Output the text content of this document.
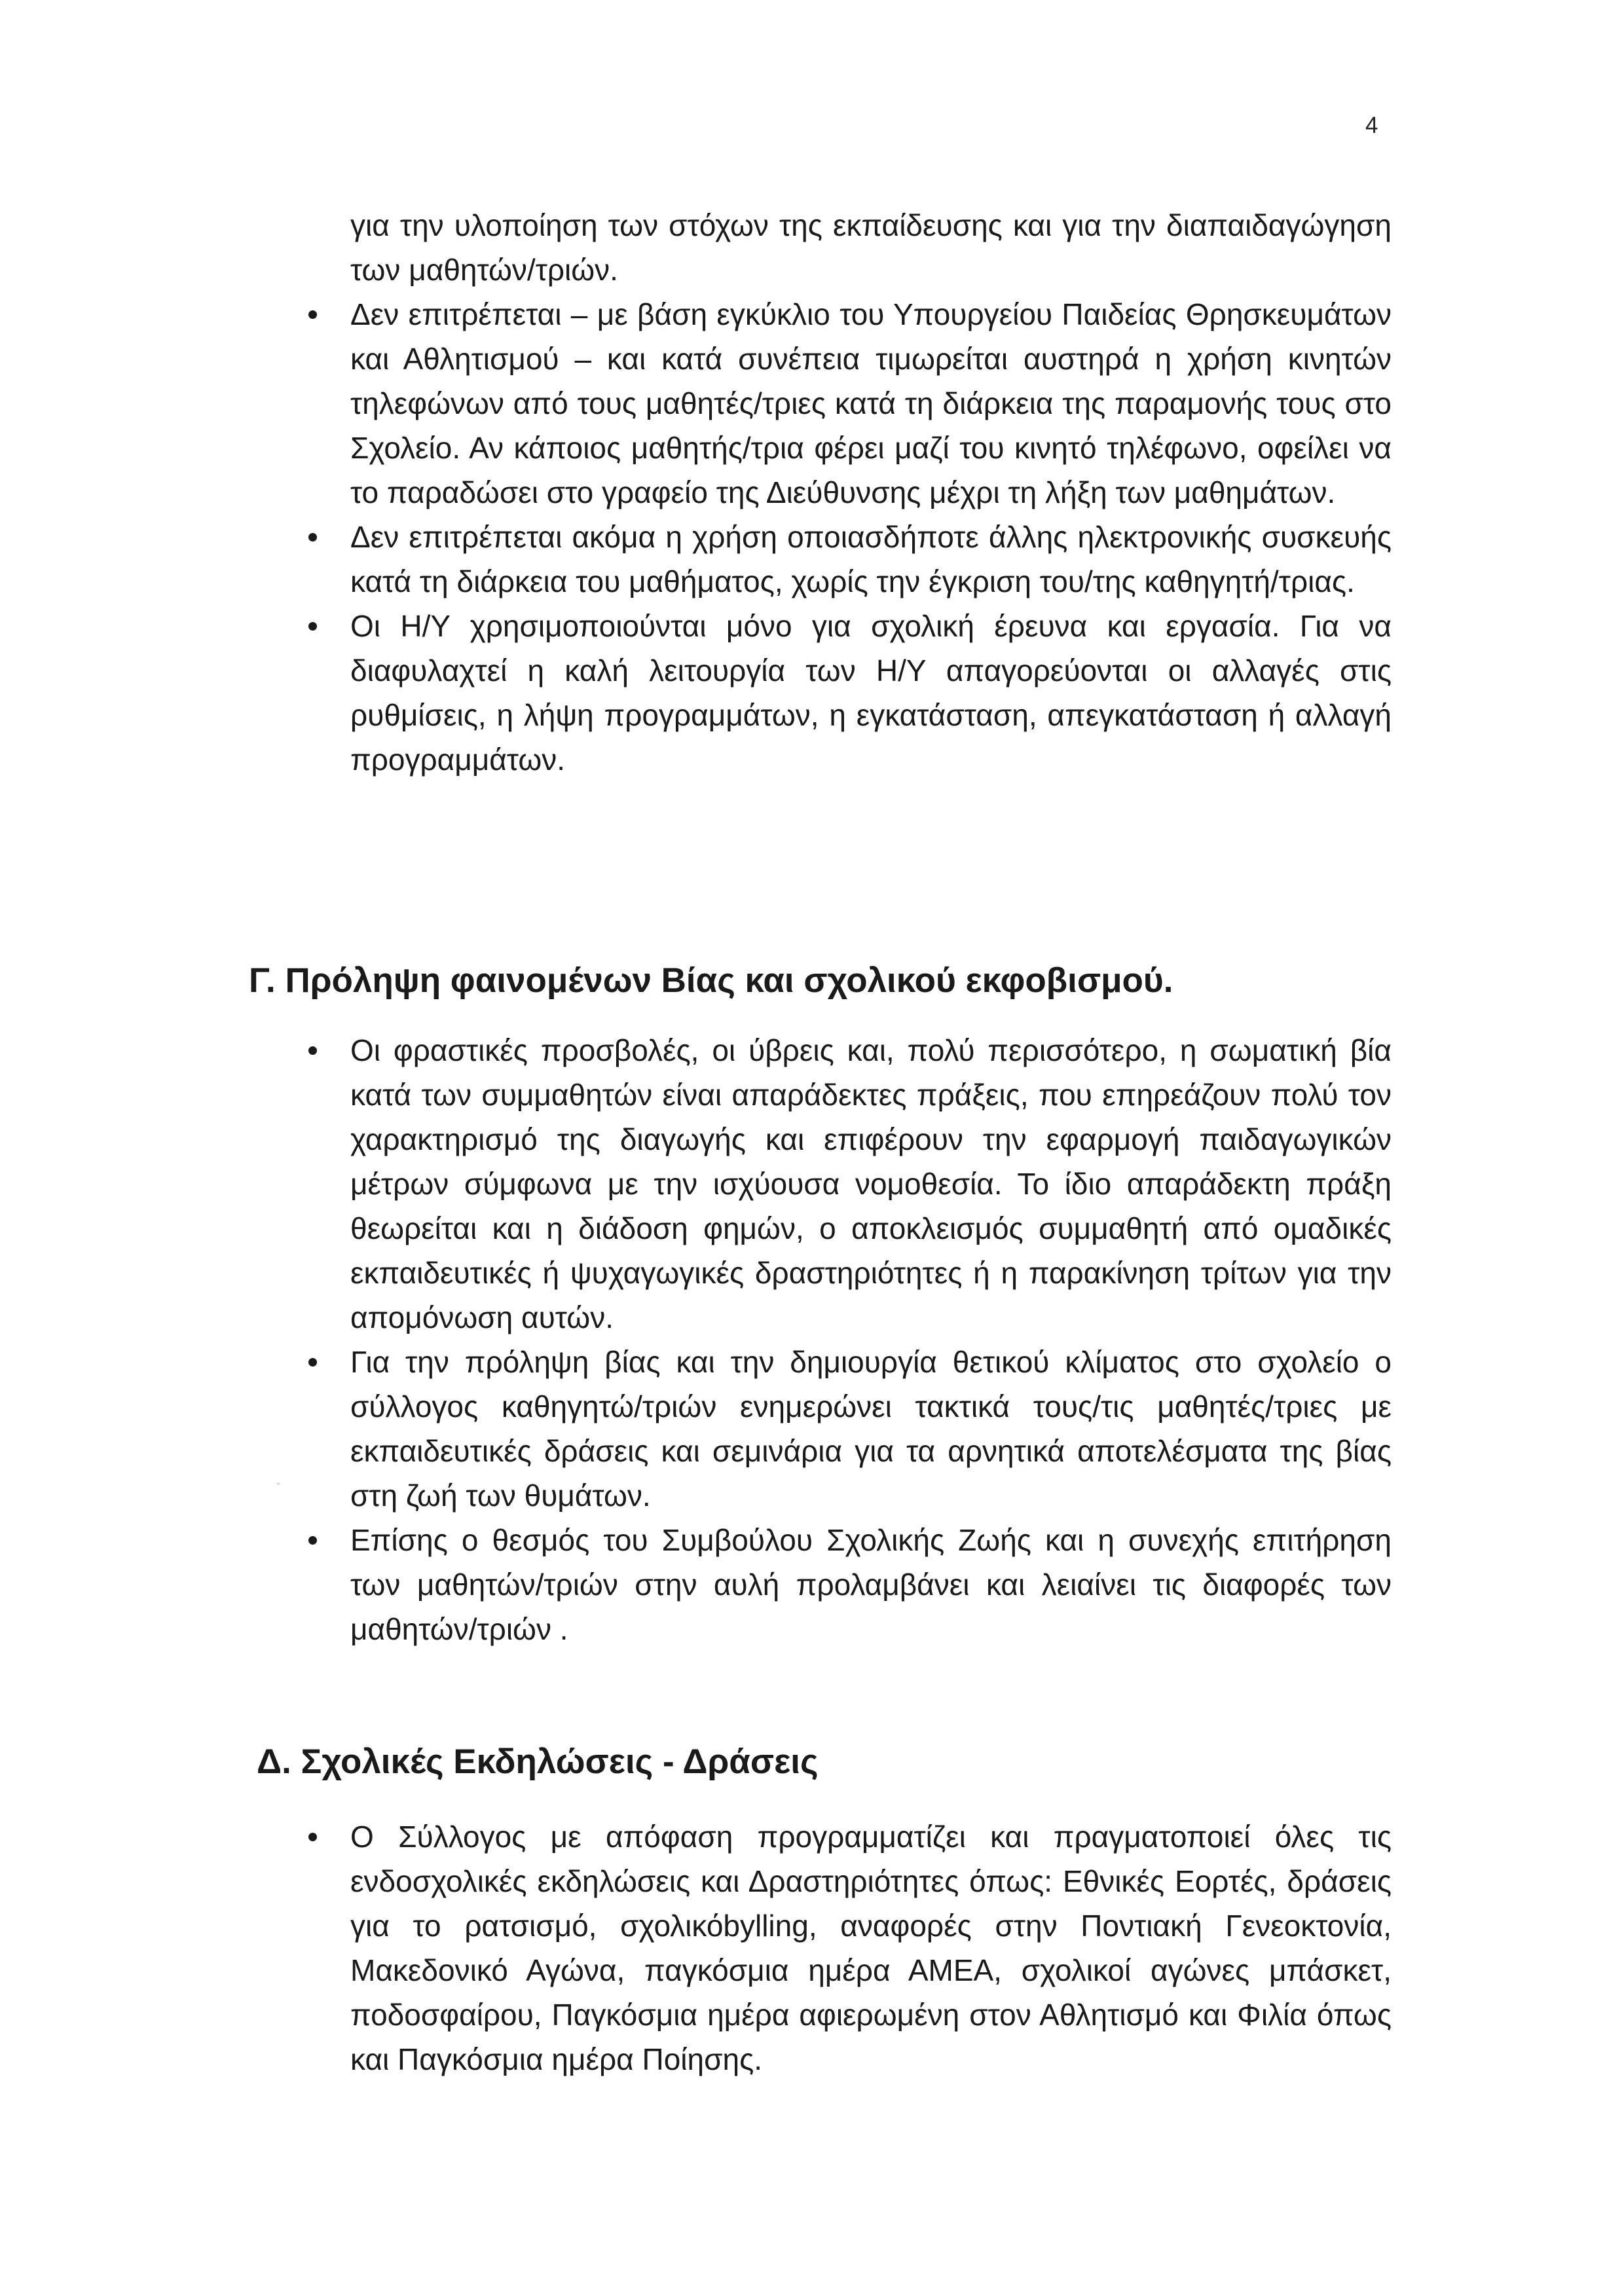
4

για την υλοποίηση των στόχων της εκπαίδευσης και για την διαπαιδαγώγηση των μαθητών/τριών.

Δεν επιτρέπεται – με βάση εγκύκλιο του Υπουργείου Παιδείας Θρησκευμάτων και Αθλητισμού – και κατά συνέπεια τιμωρείται αυστηρά η χρήση κινητών τηλεφώνων από τους μαθητές/τριες κατά τη διάρκεια της παραμονής τους στο Σχολείο. Αν κάποιος μαθητής/τρια φέρει μαζί του κινητό τηλέφωνο, οφείλει να το παραδώσει στο γραφείο της Διεύθυνσης μέχρι τη λήξη των μαθημάτων.
Δεν επιτρέπεται ακόμα η χρήση οποιασδήποτε άλλης ηλεκτρονικής συσκευής κατά τη διάρκεια του μαθήματος, χωρίς την έγκριση του/της καθηγητή/τριας.
Οι Η/Υ χρησιμοποιούνται μόνο για σχολική έρευνα και εργασία. Για να διαφυλαχτεί η καλή λειτουργία των Η/Υ απαγορεύονται οι αλλαγές στις ρυθμίσεις, η λήψη προγραμμάτων, η εγκατάσταση, απεγκατάσταση ή αλλαγή προγραμμάτων.
Γ. Πρόληψη φαινομένων Βίας και σχολικού εκφοβισμού.
Οι φραστικές προσβολές, οι ύβρεις και, πολύ περισσότερο, η σωματική βία κατά των συμμαθητών είναι απαράδεκτες πράξεις, που επηρεάζουν πολύ τον χαρακτηρισμό της διαγωγής και επιφέρουν την εφαρμογή παιδαγωγικών μέτρων σύμφωνα με την ισχύουσα νομοθεσία. Το ίδιο απαράδεκτη πράξη θεωρείται και η διάδοση φημών, ο αποκλεισμός συμμαθητή από ομαδικές εκπαιδευτικές ή ψυχαγωγικές δραστηριότητες ή η παρακίνηση τρίτων για την απομόνωση αυτών.
Για την πρόληψη βίας και την δημιουργία θετικού κλίματος στο σχολείο ο σύλλογος καθηγητώ/τριών ενημερώνει τακτικά τους/τις μαθητές/τριες με εκπαιδευτικές δράσεις και σεμινάρια για τα αρνητικά αποτελέσματα της βίας στη ζωή των θυμάτων.
Επίσης ο θεσμός του Συμβούλου Σχολικής Ζωής και η συνεχής επιτήρηση των μαθητών/τριών στην αυλή προλαμβάνει και λειαίνει τις διαφορές των μαθητών/τριών .
Δ. Σχολικές Εκδηλώσεις - Δράσεις
Ο Σύλλογος με απόφαση προγραμματίζει και πραγματοποιεί όλες τις ενδοσχολικές εκδηλώσεις και Δραστηριότητες όπως: Εθνικές Εορτές, δράσεις για το ρατσισμό, σχολικόbylling, αναφορές στην Ποντιακή Γενεοκτονία, Μακεδονικό Αγώνα, παγκόσμια ημέρα ΑΜΕΑ, σχολικοί αγώνες μπάσκετ, ποδοσφαίρου, Παγκόσμια ημέρα αφιερωμένη στον Αθλητισμό και Φιλία όπως και Παγκόσμια ημέρα Ποίησης.
